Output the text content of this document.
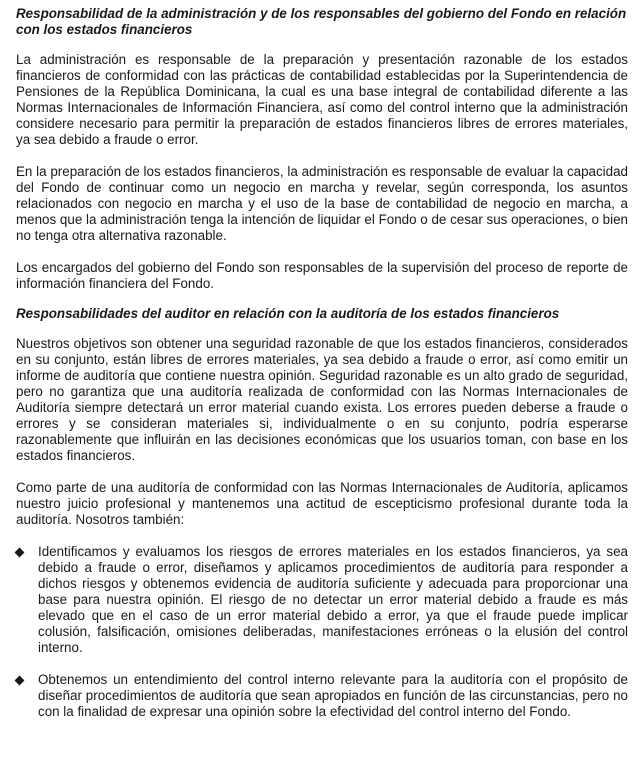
Responsabilidad de la administración y de los responsables del gobierno del Fondo en relación con los estados financieros

La administración es responsable de la preparación y presentación razonable de los estados financieros de conformidad con las prácticas de contabilidad establecidas por la Superintendencia de Pensiones de la República Dominicana, la cual es una base integral de contabilidad diferente a las Normas Internacionales de Información Financiera, así como del control interno que la administración considere necesario para permitir la preparación de estados financieros libres de errores materiales, ya sea debido a fraude o error.

En la preparación de los estados financieros, la administración es responsable de evaluar la capacidad del Fondo de continuar como un negocio en marcha y revelar, según corresponda, los asuntos relacionados con negocio en marcha y el uso de la base de contabilidad de negocio en marcha, a menos que la administración tenga la intención de liquidar el Fondo o de cesar sus operaciones, o bien no tenga otra alternativa razonable.

Los encargados del gobierno del Fondo son responsables de la supervisión del proceso de reporte de información financiera del Fondo.

Responsabilidades del auditor en relación con la auditoría de los estados financieros

Nuestros objetivos son obtener una seguridad razonable de que los estados financieros, considerados en su conjunto, están libres de errores materiales, ya sea debido a fraude o error, así como emitir un informe de auditoría que contiene nuestra opinión. Seguridad razonable es un alto grado de seguridad, pero no garantiza que una auditoría realizada de conformidad con las Normas Internacionales de Auditoría siempre detectará un error material cuando exista. Los errores pueden deberse a fraude o errores y se consideran materiales si, individualmente o en su conjunto, podría esperarse razonablemente que influirán en las decisiones económicas que los usuarios toman, con base en los estados financieros.

Como parte de una auditoría de conformidad con las Normas Internacionales de Auditoría, aplicamos nuestro juicio profesional y mantenemos una actitud de escepticismo profesional durante toda la auditoría. Nosotros también:

Identificamos y evaluamos los riesgos de errores materiales en los estados financieros, ya sea debido a fraude o error, diseñamos y aplicamos procedimientos de auditoría para responder a dichos riesgos y obtenemos evidencia de auditoría suficiente y adecuada para proporcionar una base para nuestra opinión. El riesgo de no detectar un error material debido a fraude es más elevado que en el caso de un error material debido a error, ya que el fraude puede implicar colusión, falsificación, omisiones deliberadas, manifestaciones erróneas o la elusión del control interno.
Obtenemos un entendimiento del control interno relevante para la auditoría con el propósito de diseñar procedimientos de auditoría que sean apropiados en función de las circunstancias, pero no con la finalidad de expresar una opinión sobre la efectividad del control interno del Fondo.
